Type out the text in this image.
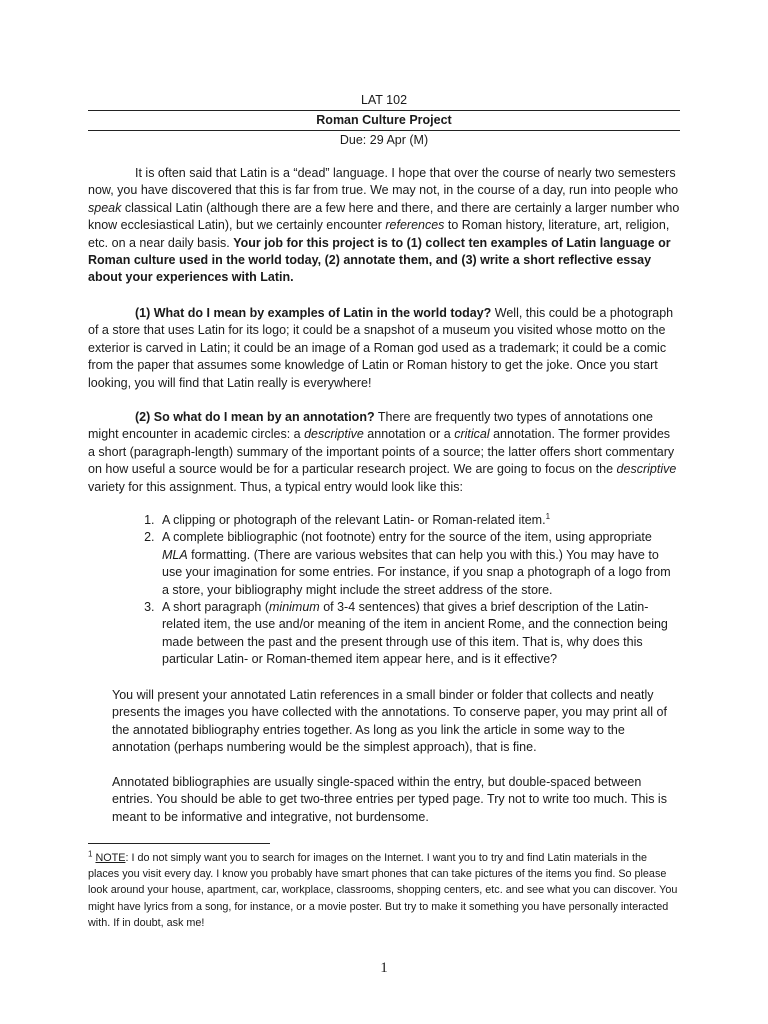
LAT 102
Roman Culture Project
Due: 29 Apr (M)

It is often said that Latin is a “dead” language. I hope that over the course of nearly two semesters now, you have discovered that this is far from true. We may not, in the course of a day, run into people who speak classical Latin (although there are a few here and there, and there are certainly a larger number who know ecclesiastical Latin), but we certainly encounter references to Roman history, literature, art, religion, etc. on a near daily basis. Your job for this project is to (1) collect ten examples of Latin language or Roman culture used in the world today, (2) annotate them, and (3) write a short reflective essay about your experiences with Latin.

(1) What do I mean by examples of Latin in the world today? Well, this could be a photograph of a store that uses Latin for its logo; it could be a snapshot of a museum you visited whose motto on the exterior is carved in Latin; it could be an image of a Roman god used as a trademark; it could be a comic from the paper that assumes some knowledge of Latin or Roman history to get the joke. Once you start looking, you will find that Latin really is everywhere!

(2) So what do I mean by an annotation? There are frequently two types of annotations one might encounter in academic circles: a descriptive annotation or a critical annotation. The former provides a short (paragraph-length) summary of the important points of a source; the latter offers short commentary on how useful a source would be for a particular research project. We are going to focus on the descriptive variety for this assignment. Thus, a typical entry would look like this:

1. A clipping or photograph of the relevant Latin- or Roman-related item.$^1$
2. A complete bibliographic (not footnote) entry for the source of the item, using appropriate MLA formatting. (There are various websites that can help you with this.) You may have to use your imagination for some entries. For instance, if you snap a photograph of a logo from a store, your bibliography might include the street address of the store.
3. A short paragraph (minimum of 3-4 sentences) that gives a brief description of the Latin-related item, the use and/or meaning of the item in ancient Rome, and the connection being made between the past and the present through use of this item. That is, why does this particular Latin- or Roman-themed item appear here, and is it effective?

You will present your annotated Latin references in a small binder or folder that collects and neatly presents the images you have collected with the annotations. To conserve paper, you may print all of the annotated bibliography entries together. As long as you link the article in some way to the annotation (perhaps numbering would be the simplest approach), that is fine.

Annotated bibliographies are usually single-spaced within the entry, but double-spaced between entries. You should be able to get two-three entries per typed page. Try not to write too much. This is meant to be informative and integrative, not burdensome.

$^1$ NOTE: I do not simply want you to search for images on the Internet. I want you to try and find Latin materials in the places you visit every day. I know you probably have smart phones that can take pictures of the items you find. So please look around your house, apartment, car, workplace, classrooms, shopping centers, etc. and see what you can discover. You might have lyrics from a song, for instance, or a movie poster. But try to make it something you have personally interacted with. If in doubt, ask me!
1
